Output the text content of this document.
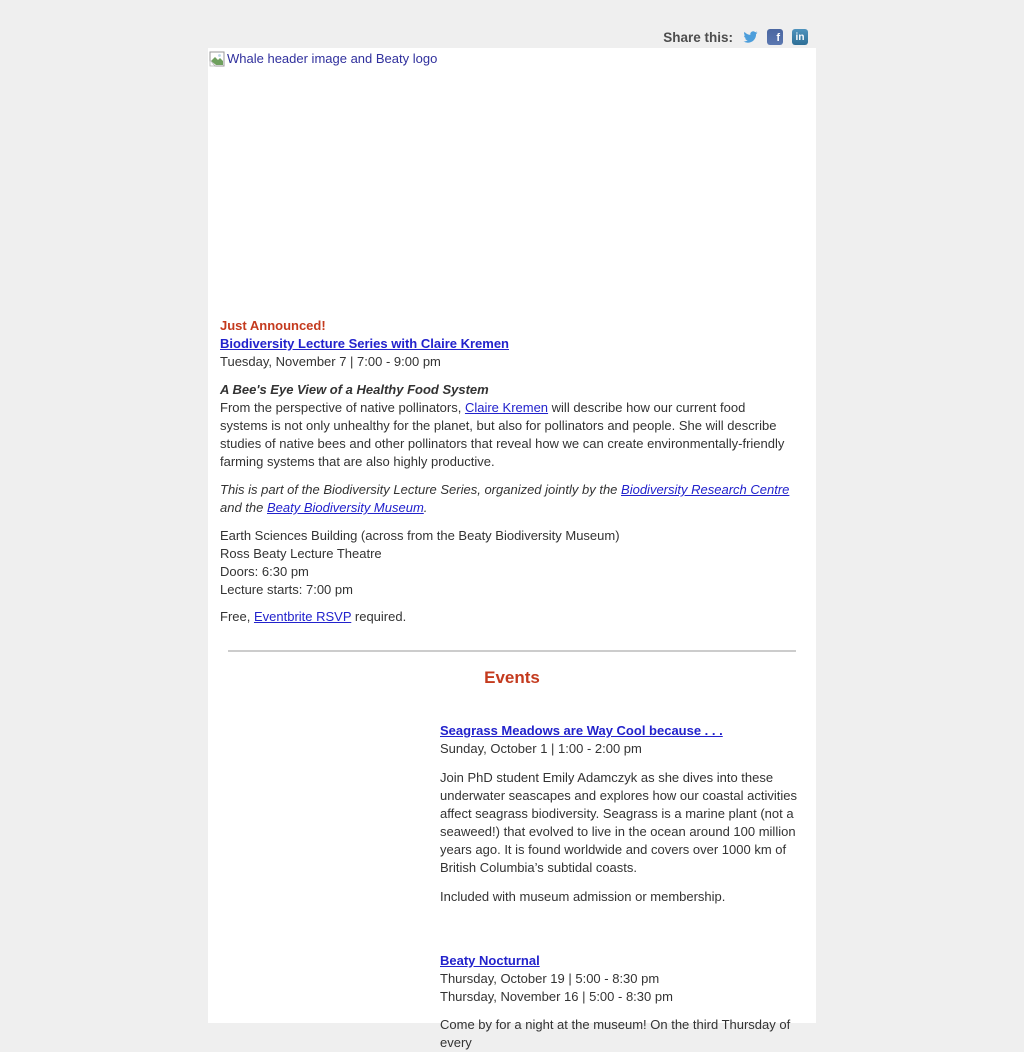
Share this:	f in
Whale header image and Beaty logo
Just Announced!
Biodiversity Lecture Series with Claire Kremen
Tuesday, November 7 | 7:00 - 9:00 pm
A Bee's Eye View of a Healthy Food System
From the perspective of native pollinators, Claire Kremen will describe how our current food systems is not only unhealthy for the planet, but also for pollinators and people. She will describe studies of native bees and other pollinators that reveal how we can create environmentally-friendly farming systems that are also highly productive.
This is part of the Biodiversity Lecture Series, organized jointly by the Biodiversity Research Centre and the Beaty Biodiversity Museum.
Earth Sciences Building (across from the Beaty Biodiversity Museum)
Ross Beaty Lecture Theatre
Doors: 6:30 pm
Lecture starts: 7:00 pm
Free, Eventbrite RSVP required.
Events
Seagrass Meadows are Way Cool because . . .
Sunday, October 1 | 1:00 - 2:00 pm
Join PhD student Emily Adamczyk as she dives into these underwater seascapes and explores how our coastal activities affect seagrass biodiversity. Seagrass is a marine plant (not a seaweed!) that evolved to live in the ocean around 100 million years ago. It is found worldwide and covers over 1000 km of British Columbia’s subtidal coasts.
Included with museum admission or membership.
Beaty Nocturnal
Thursday, October 19 | 5:00 - 8:30 pm
Thursday, November 16 | 5:00 - 8:30 pm
Come by for a night at the museum! On the third Thursday of every
